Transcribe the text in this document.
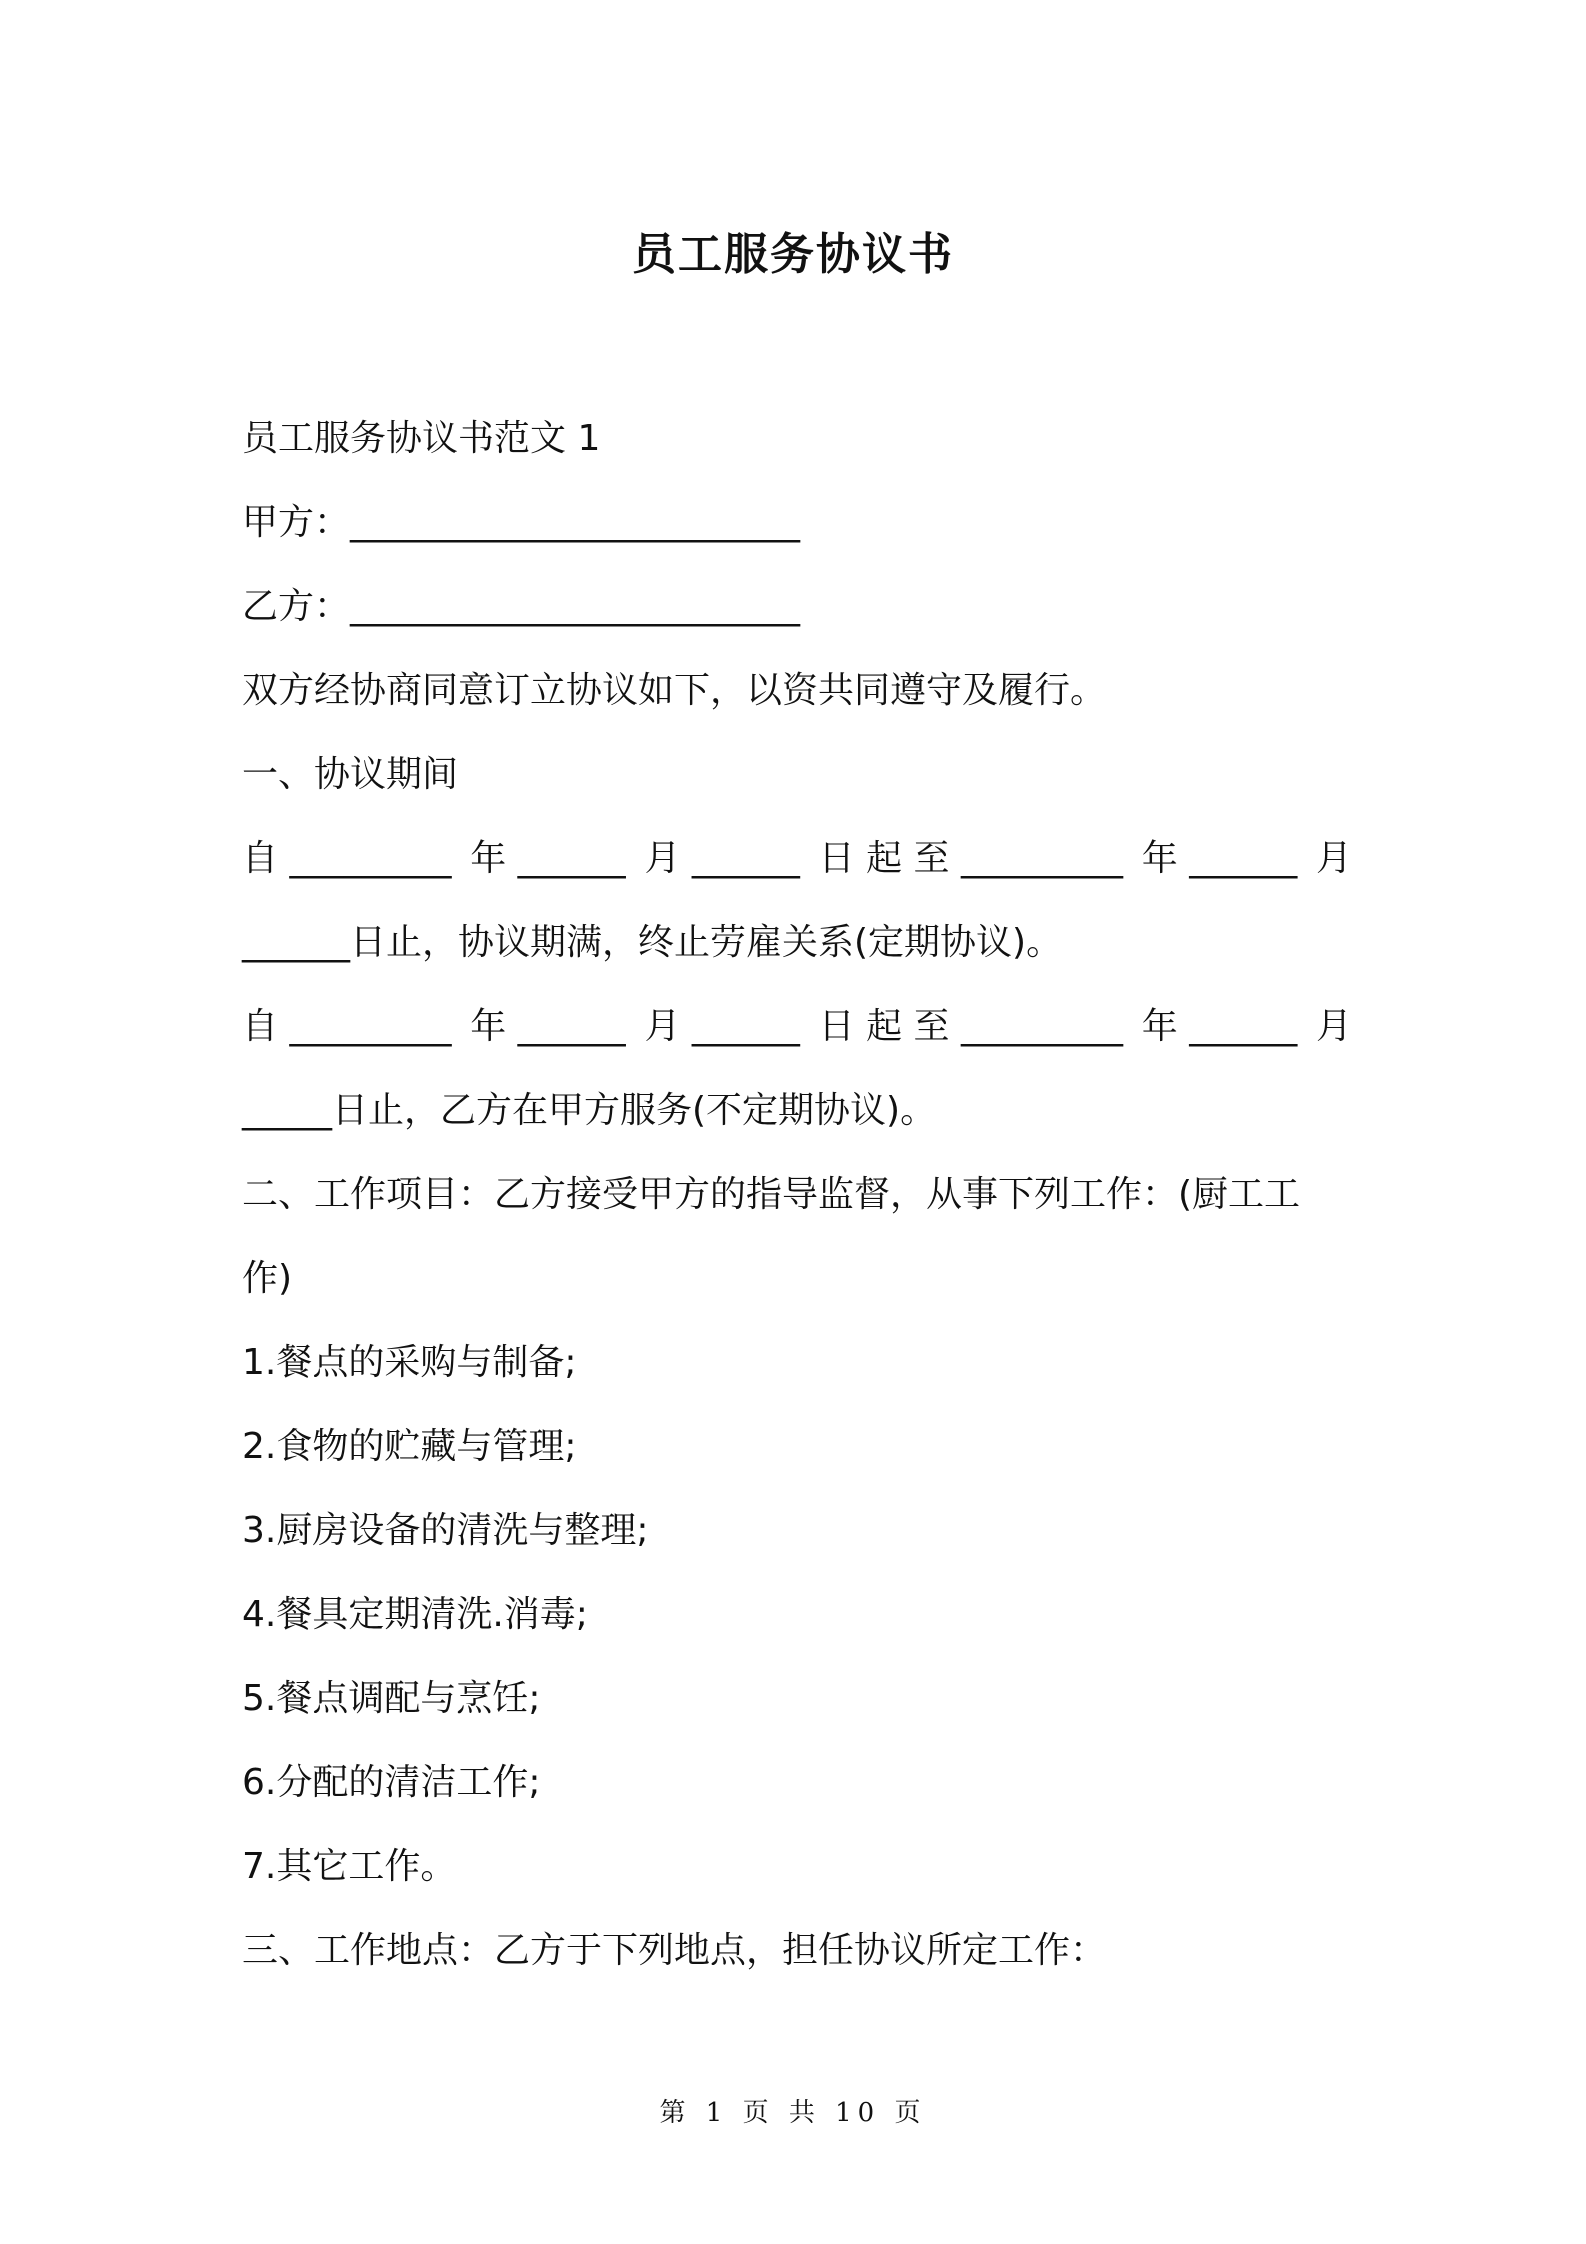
员工服务协议书
员工服务协议书范文 1
甲方：_________________________
乙方：_________________________
双方经协商同意订立协议如下，以资共同遵守及履行。
一、协议期间
自 _________ 年 ______ 月 ______ 日 起 至 _________ 年 ______ 月
______日止，协议期满，终止劳雇关系(定期协议)。
自 _________ 年 ______ 月 ______ 日 起 至 _________ 年 ______ 月
_____日止，乙方在甲方服务(不定期协议)。
二、工作项目：乙方接受甲方的指导监督，从事下列工作：(厨工工
作)
1.餐点的采购与制备;
2.食物的贮藏与管理;
3.厨房设备的清洗与整理;
4.餐具定期清洗.消毒;
5.餐点调配与烹饪;
6.分配的清洁工作;
7.其它工作。
三、工作地点：乙方于下列地点，担任协议所定工作：
第 1 页 共 10 页
